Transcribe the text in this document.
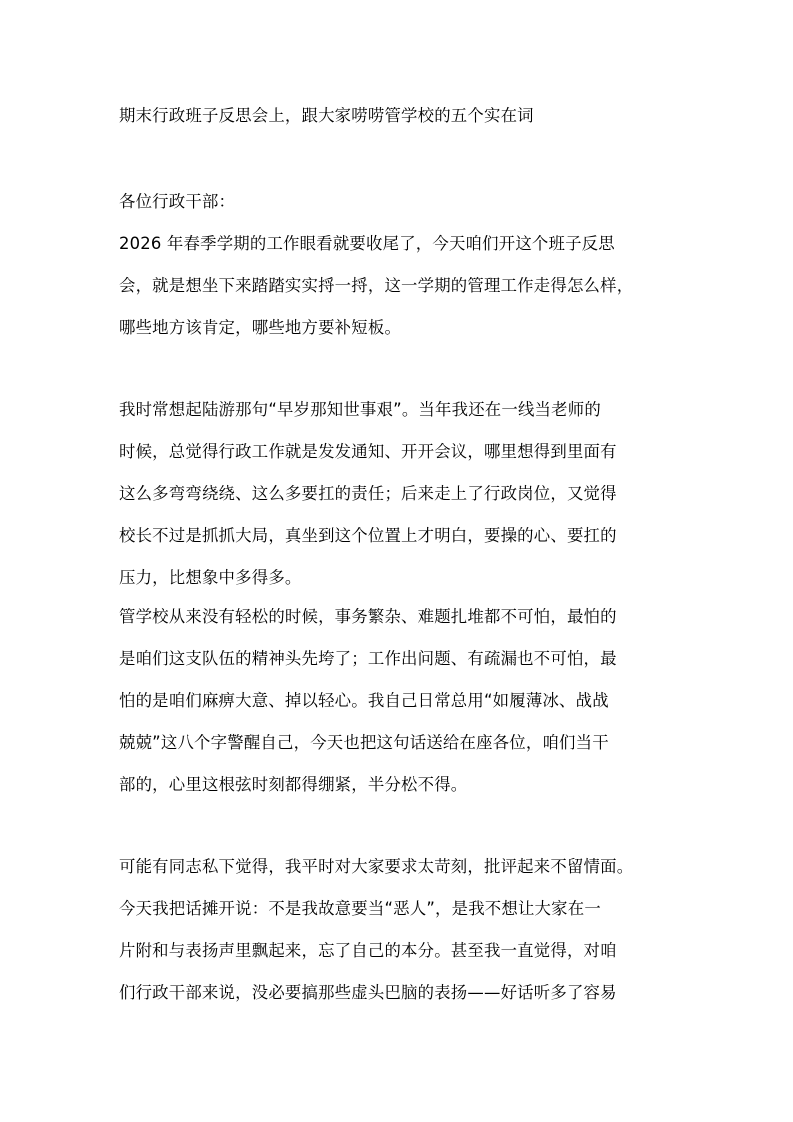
期末行政班子反思会上，跟大家唠唠管学校的五个实在词
各位行政干部：
2026 年春季学期的工作眼看就要收尾了，今天咱们开这个班子反思
会，就是想坐下来踏踏实实捋一捋，这一学期的管理工作走得怎么样，
哪些地方该肯定，哪些地方要补短板。
我时常想起陆游那句“早岁那知世事艰”。当年我还在一线当老师的
时候，总觉得行政工作就是发发通知、开开会议，哪里想得到里面有
这么多弯弯绕绕、这么多要扛的责任；后来走上了行政岗位，又觉得
校长不过是抓抓大局，真坐到这个位置上才明白，要操的心、要扛的
压力，比想象中多得多。
管学校从来没有轻松的时候，事务繁杂、难题扎堆都不可怕，最怕的
是咱们这支队伍的精神头先垮了；工作出问题、有疏漏也不可怕，最
怕的是咱们麻痹大意、掉以轻心。我自己日常总用“如履薄冰、战战
兢兢”这八个字警醒自己，今天也把这句话送给在座各位，咱们当干
部的，心里这根弦时刻都得绷紧，半分松不得。
可能有同志私下觉得，我平时对大家要求太苛刻，批评起来不留情面。
今天我把话摊开说：不是我故意要当“恶人”，是我不想让大家在一
片附和与表扬声里飘起来，忘了自己的本分。甚至我一直觉得，对咱
们行政干部来说，没必要搞那些虚头巴脑的表扬——好话听多了容易
